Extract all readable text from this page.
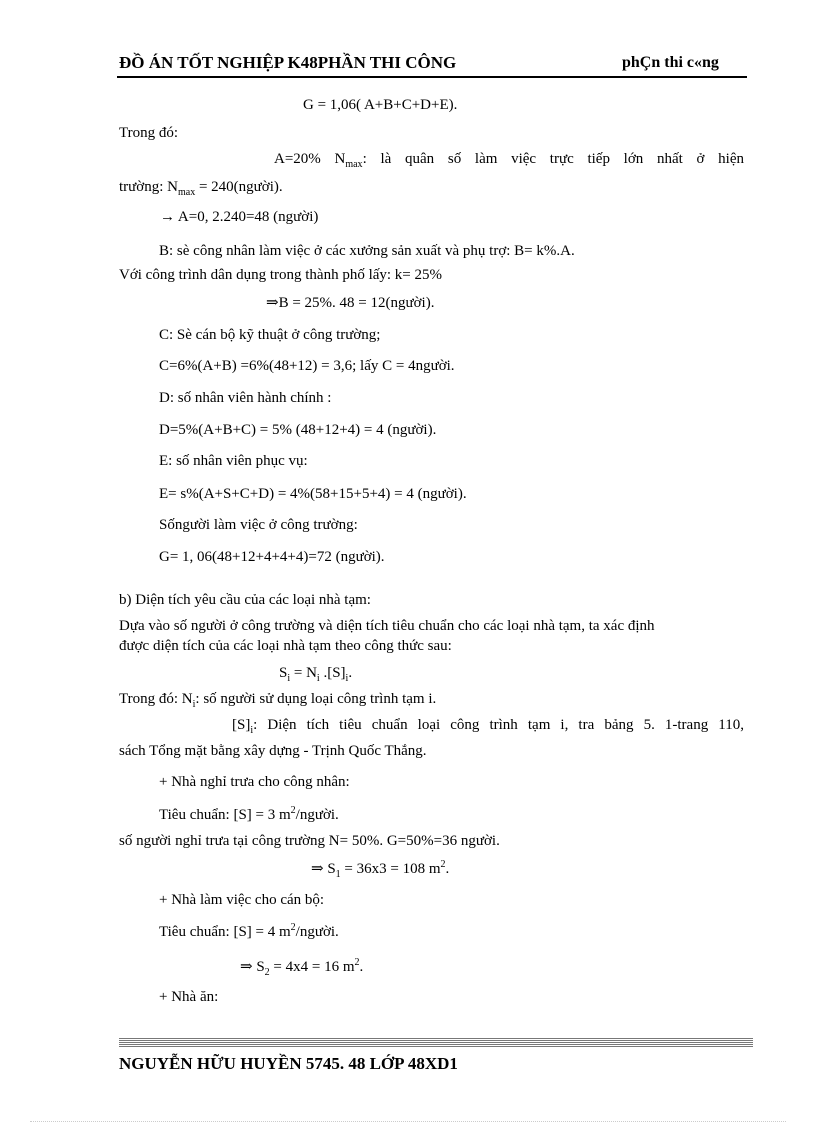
ĐỒ ÁN TỐT NGHIỆP K48PHẦN THI CÔNG	phÇn thi c«ng
G = 1,06( A+B+C+D+E).
Trong đó:
A=20% $N_{max}$: là quân số làm việc trực tiếp lớn nhất ở hiện
trường: $N_{max}$ = 240(người).
→ A=0, 2.240=48 (người)
B: sè công nhân làm việc ở các xưởng sản xuất và phụ trợ: B= k%.A.
Với công trình dân dụng trong thành phố lấy: k= 25%
⇒B = 25%. 48 = 12(người).
C: Sè cán bộ kỹ thuật ở công trường;
C=6%(A+B) =6%(48+12) = 3,6; lấy C = 4người.
D: số nhân viên hành chính :
D=5%(A+B+C) = 5% (48+12+4) = 4 (người).
E: số nhân viên phục vụ:
E= s%(A+S+C+D) = 4%(58+15+5+4) = 4 (người).
Sốngười làm việc ở công trường:
G= 1, 06(48+12+4+4+4)=72 (người).
b) Diện tích yêu cầu của các loại nhà tạm:
Dựa vào số người ở công trường và diện tích tiêu chuẩn cho các loại nhà tạm, ta xác định
được diện tích của các loại nhà tạm theo công thức sau:
$S_i = N_i$ $.[S]_i$.
Trong đó: $N_i$: số người sử dụng loại công trình tạm i.
$[S]_i$: Diện tích tiêu chuẩn loại công trình tạm i, tra bảng 5. 1-trang 110,
sách Tổng mặt bằng xây dựng - Trịnh Quốc Thắng.
+ Nhà nghỉ trưa cho công nhân:
Tiêu chuẩn: [S] = 3 $m^2$/người.
số người nghỉ trưa tại công trường N= 50%. G=50%=36 người.
⇒ $S_1 = 36x3 = 108$ $m^2$.
+ Nhà làm việc cho cán bộ:
Tiêu chuẩn: [S] = 4 $m^2$/người.
⇒ $S_2 = 4x4 = 16$ $m^2$.
+ Nhà ăn:
NGUYỄN HỮU HUYỀN 5745. 48 LỚP 48XD1
